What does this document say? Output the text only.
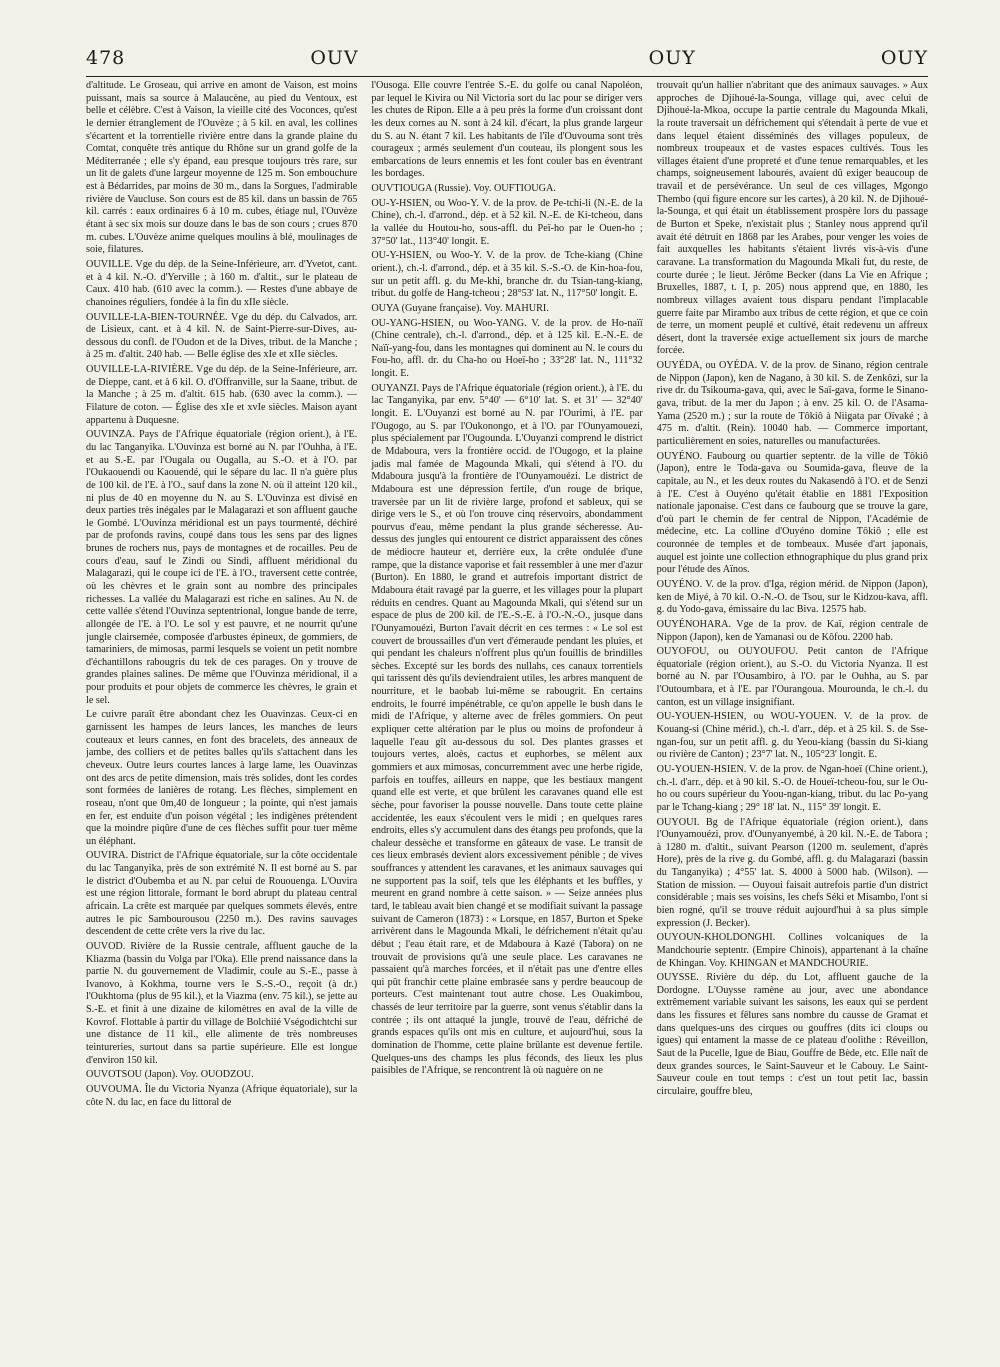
478	OUV	OUY	OUY

d'altitude. Le Groseau, qui arrive en amont de Vaison, est moins puissant, mais sa source à Malaucène, au pied du Ventoux, est belle et célèbre. C'est à Vaison, la vieille cité des Voconces, qu'est le dernier étranglement de l'Ouvèze ; à 5 kil. en aval, les collines s'écartent et la torrentielle rivière entre dans la grande plaine du Comtat, conquête très antique du Rhône sur un grand golfe de la Méditerranée ; elle s'y épand, eau presque toujours très rare, sur un lit de galets d'une largeur moyenne de 125 m. Son embouchure est à Bédarrides, par moins de 30 m., dans la Sorgues, l'admirable rivière de Vaucluse. Son cours est de 85 kil. dans un bassin de 765 kil. carrés : eaux ordinaires 6 à 10 m. cubes, étiage nul, l'Ouvèze étant à sec six mois sur douze dans le bas de son cours ; crues 870 m. cubes. L'Ouvèze anime quelques moulins à blé, moulinages de soie, filatures.

OUVILLE. Vge du dép. de la Seine-Inférieure, arr. d'Yvetot, cant. et à 4 kil. N.-O. d'Yerville ; à 160 m. d'altit., sur le plateau de Caux. 410 hab. (610 avec la comm.). — Restes d'une abbaye de chanoines réguliers, fondée à la fin du xIIe siècle.

OUVILLE-LA-BIEN-TOURNÉE. Vge du dép. du Calvados, arr. de Lisieux, cant. et à 4 kil. N. de Saint-Pierre-sur-Dives, au-dessous du confl. de l'Oudon et de la Dives, tribut. de la Manche ; à 25 m. d'altit. 240 hab. — Belle église des xIe et xIIe siècles.

OUVILLE-LA-RIVIÈRE. Vge du dép. de la Seine-Inférieure, arr. de Dieppe, cant. et à 6 kil. O. d'Offranville, sur la Saane, tribut. de la Manche ; à 25 m. d'altit. 615 hab. (630 avec la comm.). — Filature de coton. — Église des xIe et xvIe siècles. Maison ayant appartenu à Duquesne.

OUVINZA. Pays de l'Afrique équatoriale (région orient.), à l'E. du lac Tanganyika. L'Ouvinza est borné au N. par l'Ouhha, à l'E. et au S.-E. par l'Ougala ou Ougalla, au S.-O. et à l'O. par l'Oukaouendi ou Kaouendé, qui le sépare du lac. Il n'a guère plus de 100 kil. de l'E. à l'O., sauf dans la zone N. où il atteint 120 kil., ni plus de 40 en moyenne du N. au S. L'Ouvinza est divisé en deux parties très inégales par le Malagarazi et son affluent gauche le Gombé. L'Ouvinza méridional est un pays tourmenté, déchiré par de profonds ravins, coupé dans tous les sens par des lignes brunes de rochers nus, pays de montagnes et de rocailles. Peu de cours d'eau, sauf le Zindi ou Sindi, affluent méridional du Malagarazi, qui le coupe ici de l'E. à l'O., traversent cette contrée, où les chèvres et le grain sont au nombre des principales richesses. La vallée du Malagarazi est riche en salines. Au N. de cette vallée s'étend l'Ouvinza septentrional, longue bande de terre, allongée de l'E. à l'O. Le sol y est pauvre, et ne nourrit qu'une jungle clairsemée, composée d'arbustes épineux, de gommiers, de tamariniers, de mimosas, parmi lesquels se voient un petit nombre d'échantillons rabougris du tek de ces parages. On y trouve de grandes plaines salines. De même que l'Ouvinza méridional, il a pour produits et pour objets de commerce les chèvres, le grain et le sel.

Le cuivre paraît être abondant chez les Ouavinzas. Ceux-ci en garnissent les hampes de leurs lances, les manches de leurs couteaux et leurs cannes, en font des bracelets, des anneaux de jambe, des colliers et de petites balles qu'ils s'attachent dans les cheveux. Outre leurs courtes lances à large lame, les Ouavinzas ont des arcs de petite dimension, mais très solides, dont les cordes sont formées de lanières de rotang. Les flèches, simplement en roseau, n'ont que 0m,40 de longueur ; la pointe, qui n'est jamais en fer, est enduite d'un poison végétal ; les indigènes prétendent que la moindre piqûre d'une de ces flèches suffit pour tuer même un éléphant.

OUVIRA. District de l'Afrique équatoriale, sur la côte occidentale du lac Tanganyika, près de son extrémité N. Il est borné au S. par le district d'Oubemba et au N. par celui de Rououenga. L'Ouvira est une région littorale, formant le bord abrupt du plateau central africain. La crête est marquée par quelques sommets élevés, entre autres le pic Sambourousou (2250 m.). Des ravins sauvages descendent de cette crête vers la rive du lac.

OUVOD. Rivière de la Russie centrale, affluent gauche de la Kliazma (bassin du Volga par l'Oka). Elle prend naissance dans la partie N. du gouvernement de Vladimir, coule au S.-E., passe à Ivanovo, à Kokhma, tourne vers le S.-S.-O., reçoit (à dr.) l'Oukhtoma (plus de 95 kil.), et la Viazma (env. 75 kil.), se jette au S.-E. et finit à une dizaine de kilomètres en aval de la ville de Kovrof. Flottable à partir du village de Bolchiié Vségodichtchi sur une distance de 11 kil., elle alimente de très nombreuses teintureries, surtout dans sa partie supérieure. Elle est longue d'environ 150 kil.

OUVOTSOU (Japon). Voy. OUODZOU.

OUVOUMA. Île du Victoria Nyanza (Afrique équatoriale), sur la côte N. du lac, en face du littoral de

l'Ousoga. Elle couvre l'entrée S.-E. du golfe ou canal Napoléon, par lequel le Kivira ou Nil Victoria sort du lac pour se diriger vers les chutes de Ripon. Elle a à peu près la forme d'un croissant dont les deux cornes au N. sont à 24 kil. d'écart, la plus grande largeur du S. au N. étant 7 kil. Les habitants de l'île d'Ouvouma sont très courageux ; armés seulement d'un couteau, ils plongent sous les embarcations de leurs ennemis et les font couler bas en éventrant les bordages.

OUVTIOUGA (Russie). Voy. OUFTIOUGA.

OU-Y-HSIEN, ou Woo-Y. V. de la prov. de Pe-tchi-li (N.-E. de la Chine), ch.-l. d'arrond., dép. et à 52 kil. N.-E. de Ki-tcheou, dans la vallée du Houtou-ho, sous-affl. du Peï-ho par le Ouen-ho ; 37°50' lat., 113°40' longit. E.

OU-Y-HSIEN, ou Woo-Y. V. de la prov. de Tche-kiang (Chine orient.), ch.-l. d'arrond., dép. et à 35 kil. S.-S.-O. de Kin-hoa-fou, sur un petit affl. g. du Me-khi, branche dr. du Tsian-tang-kiang, tribut. du golfe de Hang-tcheou ; 28°53' lat. N., 117°50' longit. E.

OUYA (Guyane française). Voy. MAHURI.

OU-YANG-HSIEN, ou Woo-YANG. V. de la prov. de Ho-naïï (Chine centrale), ch.-l. d'arrond., dép. et à 125 kil. E.-N.-E. de Naïï-yang-fou, dans les montagnes qui dominent au N. le cours du Fou-ho, affl. dr. du Cha-ho ou Hoeï-ho ; 33°28' lat. N., 111°32 longit. E.

OUYANZI. Pays de l'Afrique équatoriale (région orient.), à l'E. du lac Tanganyika, par env. 5°40' — 6°10' lat. S. et 31' — 32°40' longit. E. L'Ouyanzi est borné au N. par l'Ourimi, à l'E. par l'Ougogo, au S. par l'Oukonongo, et à l'O. par l'Ounyamouezi, plus spécialement par l'Ougounda. L'Ouyanzi comprend le district de Mdaboura, vers la frontière occid. de l'Ougogo, et la plaine jadis mal famée de Magounda Mkali, qui s'étend à l'O. du Mdaboura jusqu'à la frontière de l'Ounyamouézi. Le district de Mdaboura est une dépression fertile, d'un rouge de brique, traversée par un lit de rivière large, profond et sableux, qui se dirige vers le S., et où l'on trouve cinq réservoirs, abondamment pourvus d'eau, même pendant la plus grande sécheresse. Au-dessus des jungles qui entourent ce district apparaissent des cônes de médiocre hauteur et, derrière eux, la crête ondulée d'une rampe, que la distance vaporise et fait ressembler à une mer d'azur (Burton). En 1880, le grand et autrefois important district de Mdaboura était ravagé par la guerre, et les villages pour la plupart réduits en cendres. Quant au Magounda Mkali, qui s'étend sur un espace de plus de 200 kil. de l'E.-S.-E. à l'O.-N.-O., jusque dans l'Ounyamouézi, Burton l'avait décrit en ces termes : « Le sol est couvert de broussailles d'un vert d'émeraude pendant les pluies, et qui pendant les chaleurs n'offrent plus qu'un fouillis de brindilles sèches. Excepté sur les bords des nullahs, ces canaux torrentiels qui tarissent dès qu'ils deviendraient utiles, les arbres manquent de nourriture, et le baobab lui-même se rabougrit. En certains endroits, le fourré impénétrable, ce qu'on appelle le bush dans le midi de l'Afrique, y alterne avec de frêles gommiers. On peut expliquer cette altération par le plus ou moins de profondeur à laquelle l'eau gît au-dessous du sol. Des plantes grasses et toujours vertes, aloès, cactus et euphorbes, se mêlent aux gommiers et aux mimosas, concurremment avec une herbe rigide, parfois en touffes, ailleurs en nappe, que les bestiaux mangent quand elle est verte, et que brûlent les caravanes quand elle est sèche, pour favoriser la pousse nouvelle. Dans toute cette plaine accidentée, les eaux s'écoulent vers le midi ; en quelques rares endroits, elles s'y accumulent dans des étangs peu profonds, que la chaleur dessèche et transforme en gâteaux de vase. Le transit de ces lieux embrasés devient alors excessivement pénible ; de vives souffrances y attendent les caravanes, et les animaux sauvages qui ne supportent pas la soif, tels que les éléphants et les buffles, y meurent en grand nombre à cette saison. » — Seize années plus tard, le tableau avait bien changé et se modifiait suivant la passage suivant de Cameron (1873) : « Lorsque, en 1857, Burton et Speke arrivèrent dans le Magounda Mkali, le défrichement n'était qu'au début ; l'eau était rare, et de Mdaboura à Kazé (Tabora) on ne trouvait de provisions qu'à une seule place. Les caravanes ne passaient qu'à marches forcées, et il n'était pas une d'entre elles qui pût franchir cette plaine embrasée sans y perdre beaucoup de porteurs. C'est maintenant tout autre chose. Les Ouakimbou, chassés de leur territoire par la guerre, sont venus s'établir dans la contrée ; ils ont attaqué la jungle, trouvé de l'eau, défriché de grands espaces qu'ils ont mis en culture, et aujourd'hui, sous la domination de l'homme, cette plaine brûlante est devenue fertile. Quelques-uns des champs les plus féconds, des lieux les plus paisibles de l'Afrique, se rencontrent là où naguère on ne

trouvait qu'un hallier n'abritant que des animaux sauvages. » Aux approches de Djihoué-la-Sounga, village qui, avec celui de Djihoué-la-Mkoa, occupe la partie centrale du Magounda Mkali, la route traversait un défrichement qui s'étendait à perte de vue et dans lequel étaient disséminés des villages populeux, de nombreux troupeaux et de vastes espaces cultivés. Tous les villages étaient d'une propreté et d'une tenue remarquables, et les champs, soigneusement labourés, avaient dû exiger beaucoup de travail et de persévérance. Un seul de ces villages, Mgongo Thembo (qui figure encore sur les cartes), à 20 kil. N. de Djihoué-la-Sounga, et qui était un établissement prospère lors du passage de Burton et Speke, n'existait plus ; Stanley nous apprend qu'il avait été détruit en 1868 par les Arabes, pour venger les voies de fait auxquelles les habitants s'étaient livrés vis-à-vis d'une caravane. La transformation du Magounda Mkali fut, du reste, de courte durée ; le lieut. Jérôme Becker (dans La Vie en Afrique ; Bruxelles, 1887, t. I, p. 205) nous apprend que, en 1880, les nombreux villages avaient tous disparu pendant l'implacable guerre faite par Mirambo aux tribus de cette région, et que ce coin de terre, un moment peuplé et cultivé, était redevenu un affreux désert, dont la traversée exige actuellement six jours de marche forcée.

OUYÉDA, ou OYÉDA. V. de la prov. de Sinano, région centrale de Nippon (Japon), ken de Nagano, à 30 kil. S. de Zenkôzi, sur la rive dr. du Tsikouma-gava, qui, avec le Saï-gava, forme le Sinano-gava, tribut. de la mer du Japon ; à env. 25 kil. O. de l'Asama-Yama (2520 m.) ; sur la route de Tôkiô à Niigata par Oïvaké ; à 475 m. d'altit. (Rein). 10040 hab. — Commerce important, particulièrement en soies, naturelles ou manufacturées.

OUYÉNO. Faubourg ou quartier septentr. de la ville de Tôkiô (Japon), entre le Toda-gava ou Soumida-gava, fleuve de la capitale, au N., et les deux routes du Nakasendô à l'O. et de Senzi à l'E. C'est à Ouyéno qu'était établie en 1881 l'Exposition nationale japonaise. C'est dans ce faubourg que se trouve la gare, d'où part le chemin de fer central de Nippon, l'Académie de médecine, etc. La colline d'Ouyéno domine Tôkiô ; elle est couronnée de temples et de tombeaux. Musée d'art japonais, auquel est jointe une collection ethnographique du plus grand prix pour l'étude des Aïnos.

OUYÉNO. V. de la prov. d'Iga, région mérid. de Nippon (Japon), ken de Miyé, à 70 kil. O.-N.-O. de Tsou, sur le Kidzou-kava, affl. g. du Yodo-gava, émissaire du lac Biva. 12575 hab.

OUYÉNOHARA. Vge de la prov. de Kaï, région centrale de Nippon (Japon), ken de Yamanasi ou de Kôfou. 2200 hab.

OUYOFOU, ou OUYOUFOU. Petit canton de l'Afrique équatoriale (région orient.), au S.-O. du Victoria Nyanza. Il est borné au N. par l'Ousambiro, à l'O. par le Ouhha, au S. par l'Outoumbara, et à l'E. par l'Ourangoua. Mourounda, le ch.-l. du canton, est un village insignifiant.

OU-YOUEN-HSIEN, ou WOU-YOUEN. V. de la prov. de Kouang-si (Chine mérid.), ch.-l. d'arr., dép. et à 25 kil. S. de Sse-ngan-fou, sur un petit affl. g. du Yeou-kiang (bassin du Si-kiang ou rivière de Canton) ; 23°7' lat. N., 105°23' longit. E.

OU-YOUEN-HSIEN. V. de la prov. de Ngan-hoeï (Chine orient.), ch.-l. d'arr., dép. et à 90 kil. S.-O. de Houeï-tcheou-fou, sur le Ou-ho ou cours supérieur du Yoou-ngan-kiang, tribut. du lac Po-yang par le Tchang-kiang ; 29° 18' lat. N., 115° 39' longit. E.

OUYOUI. Bg de l'Afrique équatoriale (région orient.), dans l'Ounyamouézi, prov. d'Ounyanyembé, à 20 kil. N.-E. de Tabora ; à 1280 m. d'altit., suivant Pearson (1200 m. seulement, d'après Hore), près de la rive g. du Gombé, affl. g. du Malagarazi (bassin du Tanganyika) ; 4°55' lat. S. 4000 à 5000 hab. (Wilson). — Station de mission. — Ouyoui faisait autrefois partie d'un district considérable ; mais ses voisins, les chefs Séki et Misambo, l'ont si bien rogné, qu'il se trouve réduit aujourd'hui à sa plus simple expression (J. Becker).

OUYOUN-KHOLDONGHI. Collines volcaniques de la Mandchourie septentr. (Empire Chinois), appartenant à la chaîne de Khingan. Voy. KHINGAN et MANDCHOURIE.

OUYSSE. Rivière du dép. du Lot, affluent gauche de la Dordogne. L'Ouysse ramène au jour, avec une abondance extrêmement variable suivant les saisons, les eaux qui se perdent dans les fissures et fêlures sans nombre du causse de Gramat et dans quelques-uns des cirques ou gouffres (dits ici cloups ou igues) qui entament la masse de ce plateau d'oolithe : Réveillon, Saut de la Pucelle, Igue de Biau, Gouffre de Bède, etc. Elle naît de deux grandes sources, le Saint-Sauveur et le Cabouy. Le Saint-Sauveur coule en tout temps : c'est un tout petit lac, bassin circulaire, gouffre bleu,
